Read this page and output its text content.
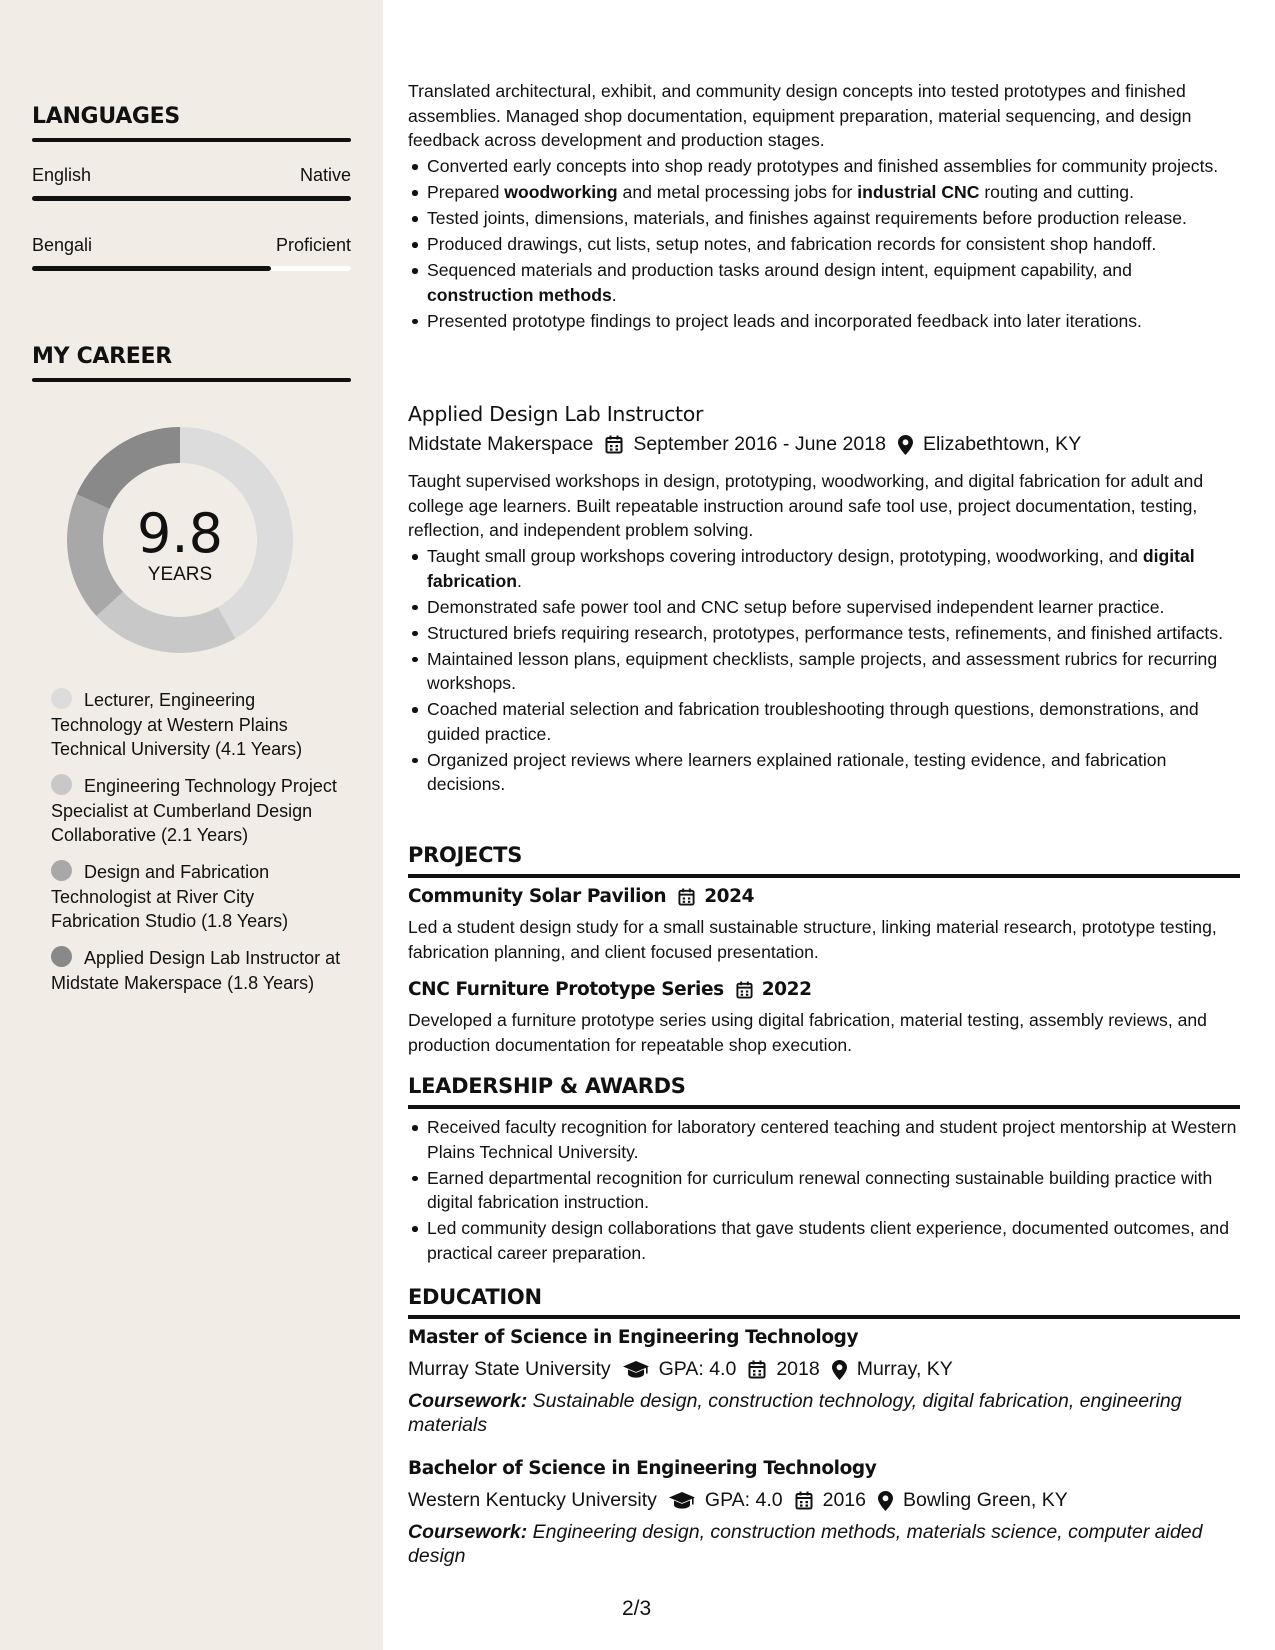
LANGUAGES
English	Native
Bengali	Proficient
MY CAREER
9.8
YEARS
Lecturer, Engineering Technology at Western Plains Technical University (4.1 Years)
Engineering Technology Project Specialist at Cumberland Design Collaborative (2.1 Years)
Design and Fabrication Technologist at River City Fabrication Studio (1.8 Years)
Applied Design Lab Instructor at Midstate Makerspace (1.8 Years)
Translated architectural, exhibit, and community design concepts into tested prototypes and finished assemblies. Managed shop documentation, equipment preparation, material sequencing, and design feedback across development and production stages.
Converted early concepts into shop ready prototypes and finished assemblies for community projects.
Prepared woodworking and metal processing jobs for industrial CNC routing and cutting.
Tested joints, dimensions, materials, and finishes against requirements before production release.
Produced drawings, cut lists, setup notes, and fabrication records for consistent shop handoff.
Sequenced materials and production tasks around design intent, equipment capability, and construction methods.
Presented prototype findings to project leads and incorporated feedback into later iterations.
Applied Design Lab Instructor
Midstate Makerspace September 2016 - June 2018 Elizabethtown, KY
Taught supervised workshops in design, prototyping, woodworking, and digital fabrication for adult and college age learners. Built repeatable instruction around safe tool use, project documentation, testing, reflection, and independent problem solving.
Taught small group workshops covering introductory design, prototyping, woodworking, and digital fabrication.
Demonstrated safe power tool and CNC setup before supervised independent learner practice.
Structured briefs requiring research, prototypes, performance tests, refinements, and finished artifacts.
Maintained lesson plans, equipment checklists, sample projects, and assessment rubrics for recurring workshops.
Coached material selection and fabrication troubleshooting through questions, demonstrations, and guided practice.
Organized project reviews where learners explained rationale, testing evidence, and fabrication decisions.
PROJECTS
Community Solar Pavilion 2024
Led a student design study for a small sustainable structure, linking material research, prototype testing, fabrication planning, and client focused presentation.
CNC Furniture Prototype Series 2022
Developed a furniture prototype series using digital fabrication, material testing, assembly reviews, and production documentation for repeatable shop execution.
LEADERSHIP & AWARDS
Received faculty recognition for laboratory centered teaching and student project mentorship at Western Plains Technical University.
Earned departmental recognition for curriculum renewal connecting sustainable building practice with digital fabrication instruction.
Led community design collaborations that gave students client experience, documented outcomes, and practical career preparation.
EDUCATION
Master of Science in Engineering Technology
Murray State University GPA: 4.0 2018 Murray, KY
Coursework: Sustainable design, construction technology, digital fabrication, engineering materials
Bachelor of Science in Engineering Technology
Western Kentucky University GPA: 4.0 2016 Bowling Green, KY
Coursework: Engineering design, construction methods, materials science, computer aided design
2/3
